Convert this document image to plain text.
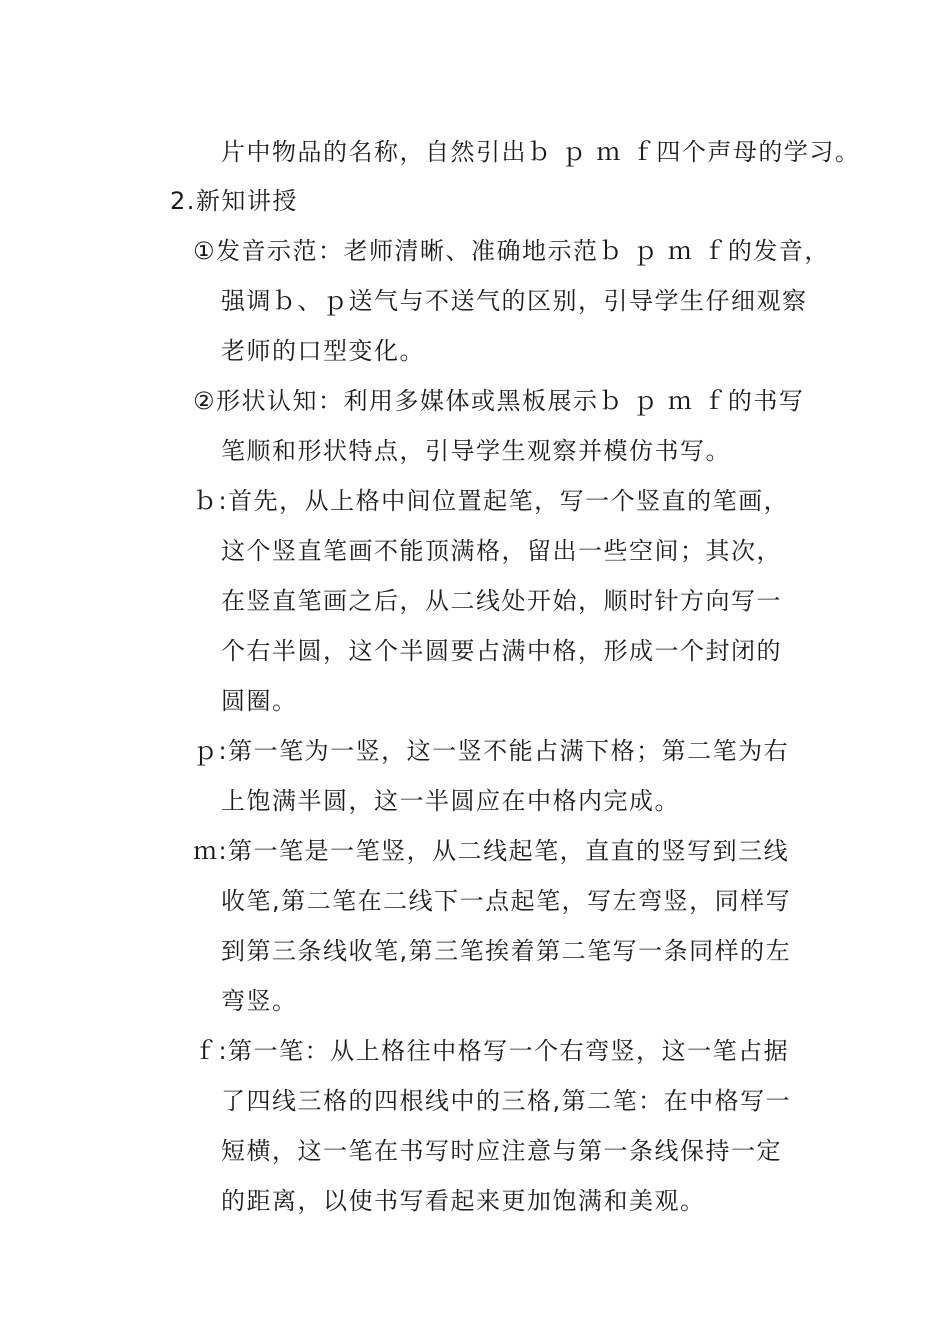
片中物品的名称，自然引出ｂ ｐ ｍ ｆ四个声母的学习。
2.新知讲授
①发音示范：老师清晰、准确地示范ｂ ｐ ｍ ｆ的发音，
强调ｂ、ｐ送气与不送气的区别，引导学生仔细观察
老师的口型变化。
②形状认知：利用多媒体或黑板展示ｂ ｐ ｍ ｆ的书写
笔顺和形状特点，引导学生观察并模仿书写。
ｂ:首先，从上格中间位置起笔，写一个竖直的笔画，
这个竖直笔画不能顶满格，留出一些空间；其次，
在竖直笔画之后，从二线处开始，顺时针方向写一
个右半圆，这个半圆要占满中格，形成一个封闭的
圆圈。
ｐ:第一笔为一竖，这一竖不能占满下格；第二笔为右
上饱满半圆，这一半圆应在中格内完成。
ｍ:第一笔是一笔竖，从二线起笔，直直的竖写到三线
收笔,第二笔在二线下一点起笔，写左弯竖，同样写
到第三条线收笔,第三笔挨着第二笔写一条同样的左
弯竖。
ｆ:第一笔：从上格往中格写一个右弯竖，这一笔占据
了四线三格的四根线中的三格,第二笔：在中格写一
短横，这一笔在书写时应注意与第一条线保持一定
的距离，以使书写看起来更加饱满和美观。
